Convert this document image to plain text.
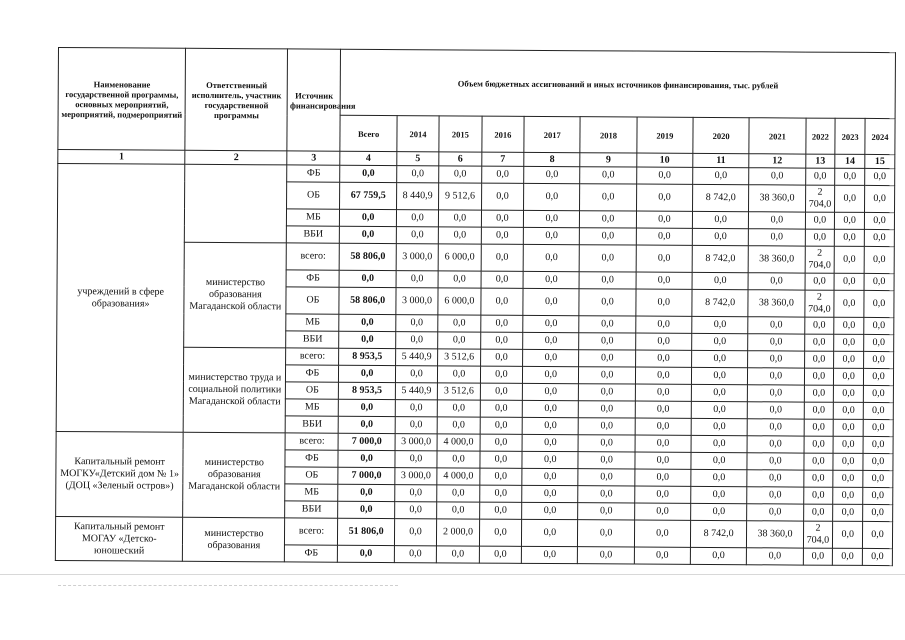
Наименование государственной программы, основных мероприятий, мероприятий, подмероприятий	Ответственный исполнитель, участник государственной программы	Источник финансирования	Объем бюджетных ассигнований и иных источников финансирования, тыс. рублей											
			Всего	2014	2015	2016	2017	2018	2019	2020	2021	2022	2023	2024
1	2	3	4	5	6	7	8	9	10	11	12	13	14	15
учреждений в сфере образования»		ФБ	0,0	0,0	0,0	0,0	0,0	0,0	0,0	0,0	0,0	0,0	0,0	0,0
		ОБ	67 759,5	8 440,9	9 512,6	0,0	0,0	0,0	0,0	8 742,0	38 360,0	2 704,0	0,0	0,0
		МБ	0,0	0,0	0,0	0,0	0,0	0,0	0,0	0,0	0,0	0,0	0,0	0,0
		ВБИ	0,0	0,0	0,0	0,0	0,0	0,0	0,0	0,0	0,0	0,0	0,0	0,0
	министерство образования Магаданской области	всего:	58 806,0	3 000,0	6 000,0	0,0	0,0	0,0	0,0	8 742,0	38 360,0	2 704,0	0,0	0,0
		ФБ	0,0	0,0	0,0	0,0	0,0	0,0	0,0	0,0	0,0	0,0	0,0	0,0
		ОБ	58 806,0	3 000,0	6 000,0	0,0	0,0	0,0	0,0	8 742,0	38 360,0	2 704,0	0,0	0,0
		МБ	0,0	0,0	0,0	0,0	0,0	0,0	0,0	0,0	0,0	0,0	0,0	0,0
		ВБИ	0,0	0,0	0,0	0,0	0,0	0,0	0,0	0,0	0,0	0,0	0,0	0,0
	министерство труда и социальной политики Магаданской области	всего:	8 953,5	5 440,9	3 512,6	0,0	0,0	0,0	0,0	0,0	0,0	0,0	0,0	0,0
		ФБ	0,0	0,0	0,0	0,0	0,0	0,0	0,0	0,0	0,0	0,0	0,0	0,0
		ОБ	8 953,5	5 440,9	3 512,6	0,0	0,0	0,0	0,0	0,0	0,0	0,0	0,0	0,0
		МБ	0,0	0,0	0,0	0,0	0,0	0,0	0,0	0,0	0,0	0,0	0,0	0,0
		ВБИ	0,0	0,0	0,0	0,0	0,0	0,0	0,0	0,0	0,0	0,0	0,0	0,0
Капитальный ремонт МОГКУ«Детский дом № 1» (ДОЦ «Зеленый остров»)	министерство образования Магаданской области	всего:	7 000,0	3 000,0	4 000,0	0,0	0,0	0,0	0,0	0,0	0,0	0,0	0,0	0,0
		ФБ	0,0	0,0	0,0	0,0	0,0	0,0	0,0	0,0	0,0	0,0	0,0	0,0
		ОБ	7 000,0	3 000,0	4 000,0	0,0	0,0	0,0	0,0	0,0	0,0	0,0	0,0	0,0
		МБ	0,0	0,0	0,0	0,0	0,0	0,0	0,0	0,0	0,0	0,0	0,0	0,0
		ВБИ	0,0	0,0	0,0	0,0	0,0	0,0	0,0	0,0	0,0	0,0	0,0	0,0
Капитальный ремонт МОГАУ «Детско-юношеский	министерство образования	всего:	51 806,0	0,0	2 000,0	0,0	0,0	0,0	0,0	8 742,0	38 360,0	2 704,0	0,0	0,0
		ФБ	0,0	0,0	0,0	0,0	0,0	0,0	0,0	0,0	0,0	0,0	0,0	0,0
